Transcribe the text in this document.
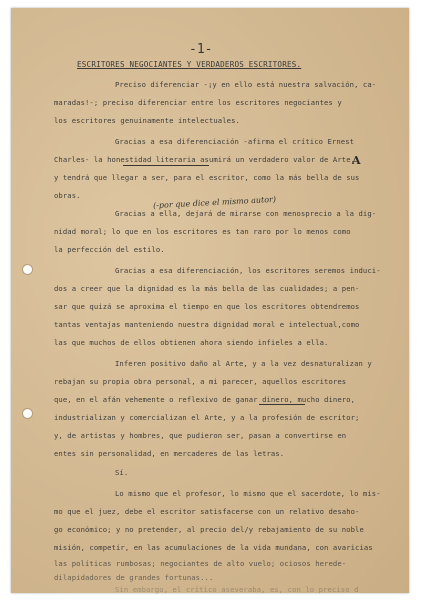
-1-
ESCRITORES NEGOCIANTES Y VERDADEROS ESCRITORES.
Preciso diferenciar -¡y en ello está nuestra salvación, ca-
maradas!-; preciso diferenciar entre los escritores negociantes y
los escritores genuinamente intelectuales.
Gracias a esa diferenciación -afirma el crítico Ernest
Charles- la honestidad literaria asumirá un verdadero valor de Arte,
y tendrá que llegar a ser, para el escritor, como la más bella de sus
obras.	(-por que dice el mismo autor)
A
Gracias a ella, dejará de mirarse con menosprecio a la dig-
nidad moral; lo que en los escritores es tan raro por lo menos como
la perfección del estilo.
Gracias a esa diferenciación, los escritores seremos induci-
dos a creer que la dignidad es la más bella de las cualidades; a pen-
sar que quizá se aproxima el tiempo en que los escritores obtendremos
tantas ventajas manteniendo nuestra dignidad moral e intelectual,como
las que muchos de ellos obtienen ahora siendo infieles a ella.
Inferen positivo daño al Arte, y a la vez desnaturalizan y
rebajan su propia obra personal, a mi parecer, aquellos escritores
que, en el afán vehemente o reflexivo de ganar dinero, mucho dinero,
industrializan y comercializan el Arte, y a la profesión de escritor;
y, de artistas y hombres, que pudieron ser, pasan a convertirse en
entes sin personalidad, en mercaderes de las letras.
Sí.
Lo mismo que el profesor, lo mismo que el sacerdote, lo mis-
mo que el juez, debe el escritor satisfacerse con un relativo desaho-
go económico; y no pretender, al precio del/y rebajamiento de su noble
misión, competir, en las acumulaciones de la vida mundana, con avaricias
las políticas rumbosas; negociantes de alto vuelo; ociosos herede-
dilapidadores de grandes fortunas...
Sin embargo, el crítico aseveraba, es, con lo preciso d
